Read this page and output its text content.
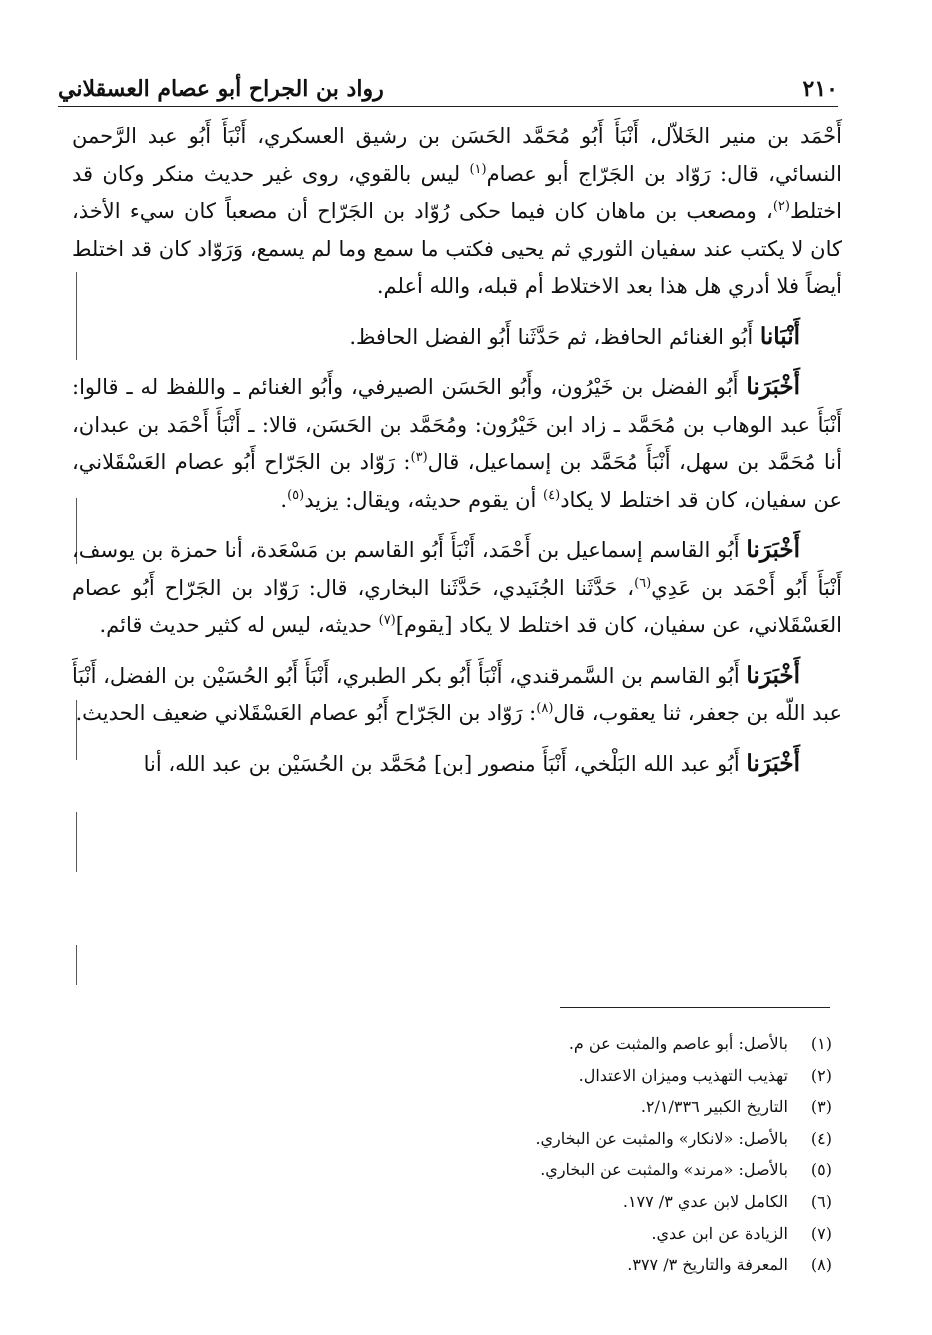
٢١٠
رواد بن الجراح أبو عصام العسقلاني

أَحْمَد بن منير الخَلاّل، أَنْبَأَ أَبُو مُحَمَّد الحَسَن بن رشيق العسكري، أَنْبَأَ أَبُو عبد الرَّحمن النسائي، قال: رَوّاد بن الجَرّاج أبو عصام$^{(١)}$ ليس بالقوي، روى غير حديث منكر وكان قد اختلط$^{(٢)}$، ومصعب بن ماهان كان فيما حكى رُوّاد بن الجَرّاح أن مصعباً كان سيء الأخذ، كان لا يكتب عند سفيان الثوري ثم يحيى فكتب ما سمع وما لم يسمع، وَرَوّاد كان قد اختلط أيضاً فلا أدري هل هذا بعد الاختلاط أم قبله، والله أعلم.

أَنْبَانا أَبُو الغنائم الحافظ، ثم حَدَّثَنا أَبُو الفضل الحافظ.

أَخْبَرَنا أَبُو الفضل بن خَيْرُون، وأَبُو الحَسَن الصيرفي، وأَبُو الغنائم ـ واللفظ له ـ قالوا: أَنْبَأَ عبد الوهاب بن مُحَمَّد ـ زاد ابن خَيْرُون: ومُحَمَّد بن الحَسَن، قالا: ـ أَنْبَأَ أَحْمَد بن عبدان، أنا مُحَمَّد بن سهل، أَنْبَأَ مُحَمَّد بن إسماعيل، قال$^{(٣)}$: رَوّاد بن الجَرّاح أَبُو عصام العَسْقَلاني، عن سفيان، كان قد اختلط لا يكاد$^{(٤)}$ أن يقوم حديثه، ويقال: يزيد$^{(٥)}$.

أَخْبَرَنا أَبُو القاسم إسماعيل بن أَحْمَد، أَنْبَأَ أَبُو القاسم بن مَسْعَدة، أنا حمزة بن يوسف، أَنْبَأَ أَبُو أَحْمَد بن عَدِي$^{(٦)}$، حَدَّثَنا الجُنَيدي، حَدَّثَنا البخاري، قال: رَوّاد بن الجَرّاح أَبُو عصام العَسْقَلاني، عن سفيان، كان قد اختلط لا يكاد [يقوم]$^{(٧)}$ حديثه، ليس له كثير حديث قائم.

أَخْبَرَنا أَبُو القاسم بن السَّمرقندي، أَنْبَأَ أَبُو بكر الطبري، أَنْبَأَ أَبُو الحُسَيْن بن الفضل، أَنْبَأَ عبد اللّه بن جعفر، ثنا يعقوب، قال$^{(٨)}$: رَوّاد بن الجَرّاح أَبُو عصام العَسْقَلاني ضعيف الحديث.

أَخْبَرَنا أَبُو عبد الله البَلْخي، أَنْبَأَ منصور [بن] مُحَمَّد بن الحُسَيْن بن عبد الله، أنا

(١)
بالأصل: أبو عاصم والمثبت عن م.
(٢)
تهذيب التهذيب وميزان الاعتدال.
(٣)
التاريخ الكبير ٢/١/٣٣٦.
(٤)
بالأصل: «لانكار» والمثبت عن البخاري.
(٥)
بالأصل: «مرند» والمثبت عن البخاري.
(٦)
الكامل لابن عدي ٣/ ١٧٧.
(٧)
الزيادة عن ابن عدي.
(٨)
المعرفة والتاريخ ٣/ ٣٧٧.
